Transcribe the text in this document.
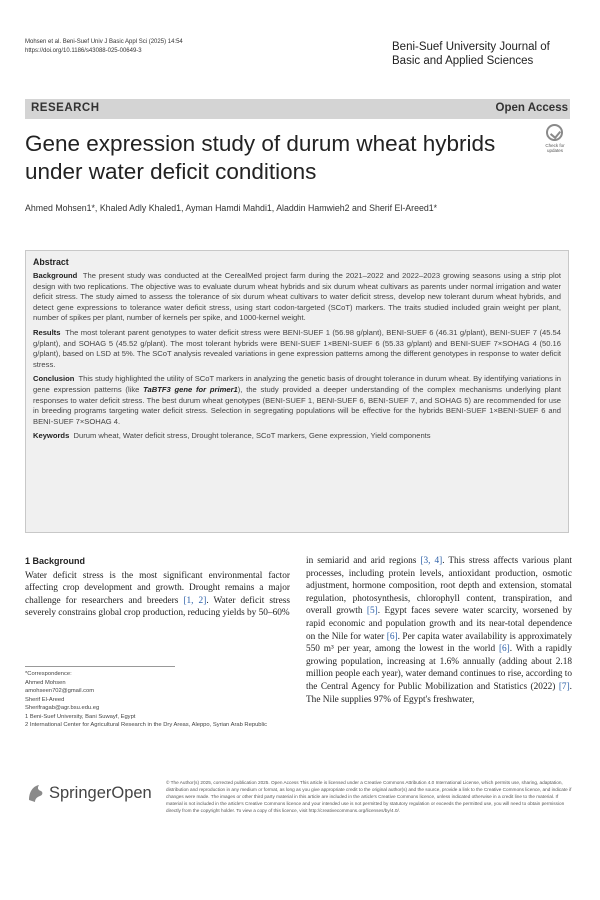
Mohsen et al. Beni-Suef Univ J Basic Appl Sci (2025) 14:54
https://doi.org/10.1186/s43088-025-00649-3	Beni-Suef University Journal of
Basic and Applied Sciences
RESEARCH	Open Access
Gene expression study of durum wheat hybrids under water deficit conditions
Check for
updates
Ahmed Mohsen1*, Khaled Adly Khaled1, Ayman Hamdi Mahdi1, Aladdin Hamwieh2 and Sherif El-Areed1*
Abstract

Background The present study was conducted at the CerealMed project farm during the 2021–2022 and 2022–2023 growing seasons using a strip plot design with two replications. The objective was to evaluate durum wheat hybrids and six durum wheat cultivars as parents under normal irrigation and water deficit stress. The study aimed to assess the tolerance of six durum wheat cultivars to water deficit stress, develop new tolerant durum wheat hybrids, and detect gene expressions to tolerance water deficit stress, using start codon-targeted (SCoT) markers. The traits studied included grain weight per plant, number of spikes per plant, number of kernels per spike, and 1000-kernel weight.

Results The most tolerant parent genotypes to water deficit stress were BENI-SUEF 1 (56.98 g/plant), BENI-SUEF 6 (46.31 g/plant), BENI-SUEF 7 (45.54 g/plant), and SOHAG 5 (45.52 g/plant). The most tolerant hybrids were BENI-SUEF 1×BENI-SUEF 6 (55.33 g/plant) and BENI-SUEF 7×SOHAG 4 (50.16 g/plant), based on LSD at 5%. The SCoT analysis revealed variations in gene expression patterns among the different genotypes in response to water deficit stress.

Conclusion This study highlighted the utility of SCoT markers in analyzing the genetic basis of drought tolerance in durum wheat. By identifying variations in gene expression patterns (like TaBTF3 gene for primer1), the study provided a deeper understanding of the complex mechanisms underlying plant responses to water deficit stress. The best durum wheat genotypes (BENI-SUEF 1, BENI-SUEF 6, BENI-SUEF 7, and SOHAG 5) are recommended for use in breeding programs targeting water deficit stress. Selection in segregating populations will be effective for the hybrids BENI-SUEF 1×BENI-SUEF 6 and BENI-SUEF 7×SOHAG 4.

Keywords Durum wheat, Water deficit stress, Drought tolerance, SCoT markers, Gene expression, Yield components

1 Background
Water deficit stress is the most significant environmental factor affecting crop development and growth. Drought remains a major challenge for researchers and breeders [1, 2]. Water deficit stress severely constrains global crop production, reducing yields by 50–60%
*Correspondence:
Ahmed Mohsen
amohseen702@gmail.com
Sherif El-Areed
Sherifragab@agr.bsu.edu.eg
1 Beni-Suef University, Bani Suwayf, Egypt
2 International Center for Agricultural Research in the Dry Areas, Aleppo, Syrian Arab Republic
in semiarid and arid regions [3, 4]. This stress affects various plant processes, including protein levels, antioxidant production, osmotic adjustment, hormone composition, root depth and extension, stomatal regulation, photosynthesis, chlorophyll content, transpiration, and overall growth [5]. Egypt faces severe water scarcity, worsened by rapid economic and population growth and its near-total dependence on the Nile for water [6]. Per capita water availability is approximately 550 m³ per year, among the lowest in the world [6]. With a rapidly growing population, increasing at 1.6% annually (adding about 2.18 million people each year), water demand continues to rise, according to the Central Agency for Public Mobilization and Statistics (2022) [7]. The Nile supplies 97% of Egypt's freshwater,
SpringerOpen
© The Author(s) 2025, corrected publication 2025. Open Access This article is licensed under a Creative Commons Attribution 4.0 International License, which permits use, sharing, adaptation, distribution and reproduction in any medium or format, as long as you give appropriate credit to the original author(s) and the source, provide a link to the Creative Commons licence, and indicate if changes were made. The images or other third party material in this article are included in the article's Creative Commons licence, unless indicated otherwise in a credit line to the material. If material is not included in the article's Creative Commons licence and your intended use is not permitted by statutory regulation or exceeds the permitted use, you will need to obtain permission directly from the copyright holder. To view a copy of this licence, visit http://creativecommons.org/licenses/by/4.0/.
